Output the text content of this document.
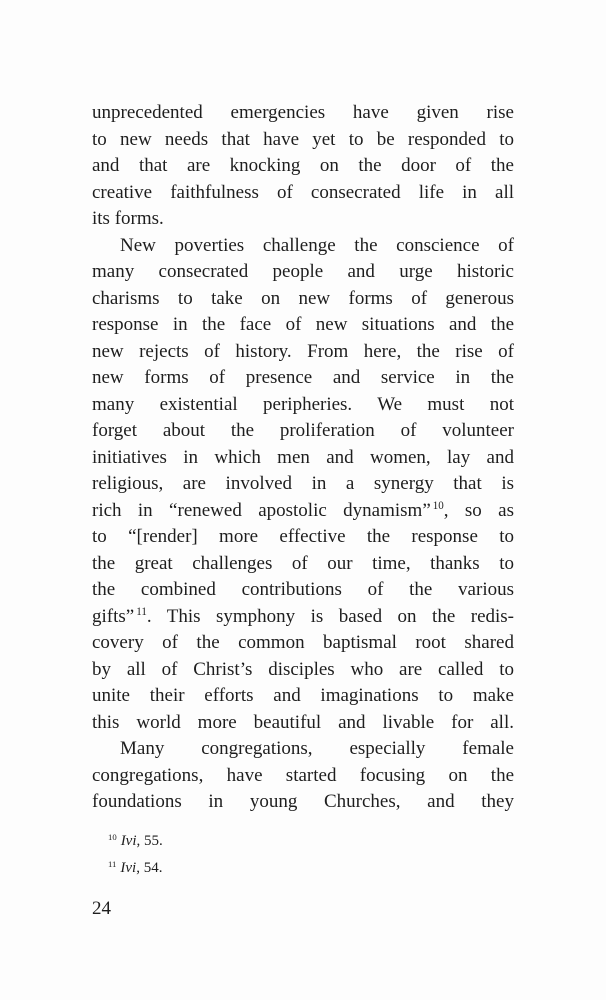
unprecedented emergencies have given rise
to new needs that have yet to be responded to
and that are knocking on the door of the
creative faithfulness of consecrated life in all
its forms.
New poverties challenge the conscience of
many consecrated people and urge historic
charisms to take on new forms of generous
response in the face of new situations and the
new rejects of history. From here, the rise of
new forms of presence and service in the
many existential peripheries. We must not
forget about the proliferation of volunteer
initiatives in which men and women, lay and
religious, are involved in a synergy that is
rich in “renewed apostolic dynamism” $^{10}$, so as
to “[render] more effective the response to
the great challenges of our time, thanks to
the combined contributions of the various
gifts” $^{11}$. This symphony is based on the redis-
covery of the common baptismal root shared
by all of Christ’s disciples who are called to
unite their efforts and imaginations to make
this world more beautiful and livable for all.
Many congregations, especially female
congregations, have started focusing on the
foundations in young Churches, and they
$^{10}$ Ivi, 55.
$^{11}$ Ivi, 54.
24
